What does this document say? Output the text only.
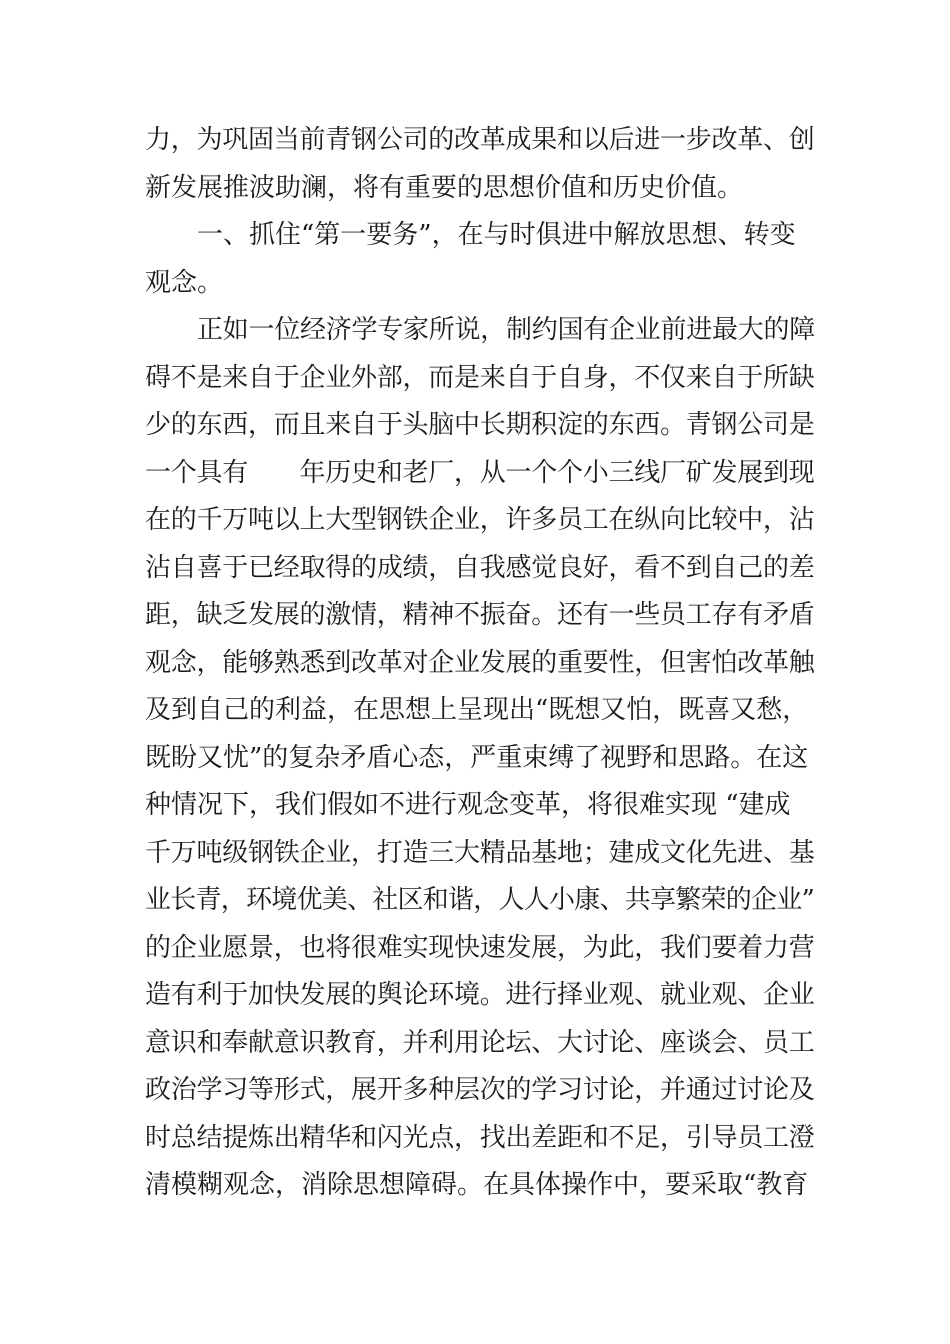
力，为巩固当前青钢公司的改革成果和以后进一步改革、创
新发展推波助澜，将有重要的思想价值和历史价值。
一、抓住“第一要务”，在与时俱进中解放思想、转变
观念。
正如一位经济学专家所说，制约国有企业前进最大的障
碍不是来自于企业外部，而是来自于自身，不仅来自于所缺
少的东西，而且来自于头脑中长期积淀的东西。青钢公司是
一个具有　　年历史和老厂，从一个个小三线厂矿发展到现
在的千万吨以上大型钢铁企业，许多员工在纵向比较中，沾
沾自喜于已经取得的成绩，自我感觉良好，看不到自己的差
距，缺乏发展的激情，精神不振奋。还有一些员工存有矛盾
观念，能够熟悉到改革对企业发展的重要性，但害怕改革触
及到自己的利益，在思想上呈现出“既想又怕，既喜又愁，
既盼又忧”的复杂矛盾心态，严重束缚了视野和思路。在这
种情况下，我们假如不进行观念变革，将很难实现 “建成
千万吨级钢铁企业，打造三大精品基地；建成文化先进、基
业长青，环境优美、社区和谐，人人小康、共享繁荣的企业”
的企业愿景，也将很难实现快速发展，为此，我们要着力营
造有利于加快发展的舆论环境。进行择业观、就业观、企业
意识和奉献意识教育，并利用论坛、大讨论、座谈会、员工
政治学习等形式，展开多种层次的学习讨论，并通过讨论及
时总结提炼出精华和闪光点，找出差距和不足，引导员工澄
清模糊观念，消除思想障碍。在具体操作中，要采取“教育
